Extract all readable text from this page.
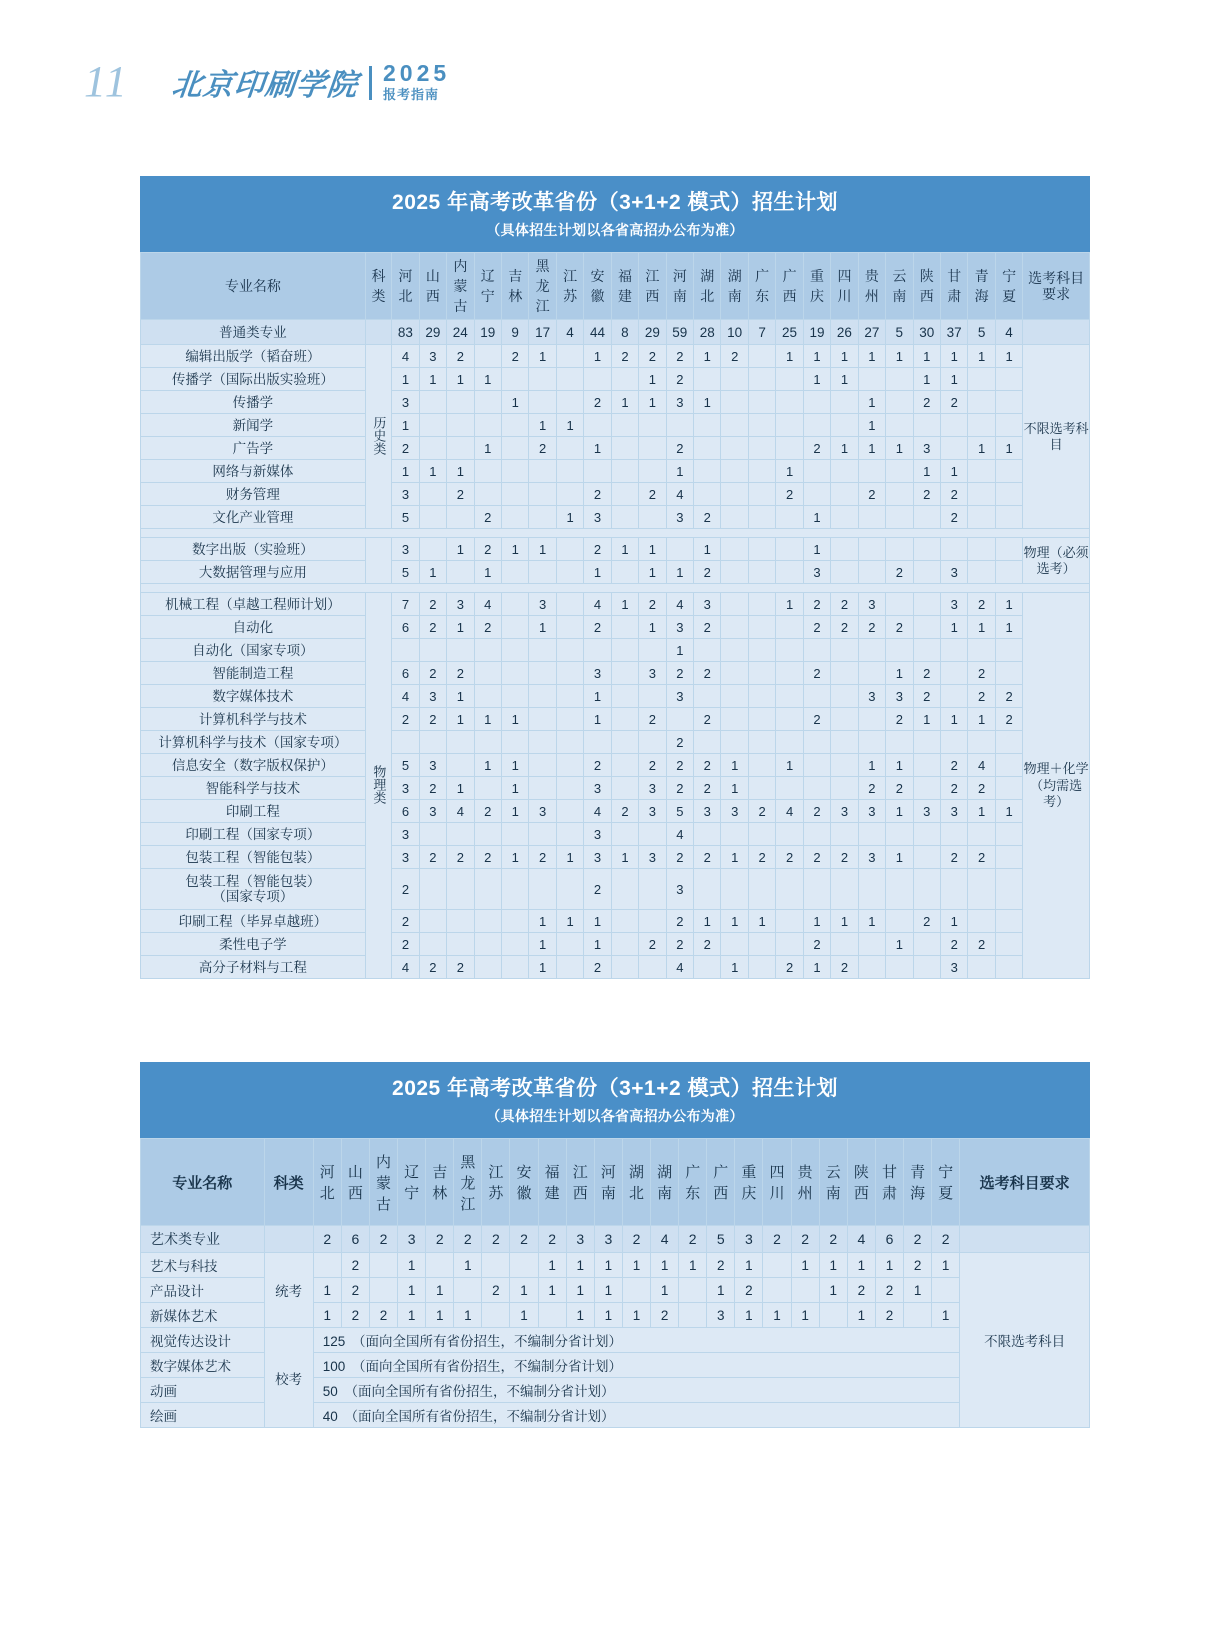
11 北京印刷学院 2025
报考指南
2025 年高考改革省份（3+1+2 模式）招生计划
（具体招生计划以各省高招办公布为准）
专业名称	科类	河北	山西	内蒙古	辽宁	吉林	黑龙江	江苏	安徽	福建	江西	河南	湖北	湖南	广东	广西	重庆	四川	贵州	云南	陕西	甘肃	青海	宁夏	选考科目要求
普通类专业		83	29	24	19	9	17	4	44	8	29	59	28	10	7	25	19	26	27	5	30	37	5	4	
编辑出版学（韬奋班）	历史类	4	3	2		2	1		1	2	2	2	1	2		1	1	1	1	1	1	1	1	1	不限选考科目
传播学（国际出版实验班）		1	1	1	1						1	2					1	1			1	1			
传播学		3				1			2	1	1	3	1						1		2	2			
新闻学		1					1	1											1						
广告学		2			1		2		1			2					2	1	1	1	3		1	1	
网络与新媒体		1	1	1								1				1					1	1			
财务管理		3		2					2		2	4				2			2		2	2			
文化产业管理		5			2			1	3			3	2				1					2			

数字出版（实验班）		3		1	2	1	1		2	1	1		1				1								物理（必须选考）
大数据管理与应用		5	1		1				1		1	1	2				3			2		3			

机械工程（卓越工程师计划）	物理类	7	2	3	4		3		4	1	2	4	3			1	2	2	3			3	2	1	物理＋化学（均需选考）
自动化		6	2	1	2		1		2		1	3	2				2	2	2	2		1	1	1	
自动化（国家专项）												1													
智能制造工程		6	2	2					3		3	2	2				2			1	2		2		
数字媒体技术		4	3	1					1			3							3	3	2		2	2	
计算机科学与技术		2	2	1	1	1			1		2		2				2			2	1	1	1	2	
计算机科学与技术（国家专项）												2													
信息安全（数字版权保护）		5	3		1	1			2		2	2	2	1		1			1	1		2	4		
智能科学与技术		3	2	1		1			3		3	2	2	1					2	2		2	2		
印刷工程		6	3	4	2	1	3		4	2	3	5	3	3	2	4	2	3	3	1	3	3	1	1	
印刷工程（国家专项）		3							3			4													
包装工程（智能包装）		3	2	2	2	1	2	1	3	1	3	2	2	1	2	2	2	2	3	1		2	2		

包装工程（智能包装）
（国家专项）		2							2			3													
印刷工程（毕昇卓越班）		2					1	1	1			2	1	1	1		1	1	1		2	1			
柔性电子学		2					1		1		2	2	2				2			1		2	2		
高分子材料与工程		4	2	2			1		2			4		1		2	1	2				3			
2025 年高考改革省份（3+1+2 模式）招生计划
（具体招生计划以各省高招办公布为准）
专业名称	科类	河北	山西	内蒙古	辽宁	吉林	黑龙江	江苏	安徽	福建	江西	河南	湖北	湖南	广东	广西	重庆	四川	贵州	云南	陕西	甘肃	青海	宁夏	选考科目要求
艺术类专业		2	6	2	3	2	2	2	2	2	3	3	2	4	2	5	3	2	2	2	4	6	2	2	
艺术与科技	统考		2		1		1			1	1	1	1	1	1	2	1		1	1	1	1	2	1	不限选考科目
产品设计		1	2		1	1		2	1	1	1	1		1		1	2			1	2	2	1		
新媒体艺术		1	2	2	1	1	1		1		1	1	1	2		3	1	1	1		1	2		1	
视觉传达设计	校考	125　（面向全国所有省份招生，不编制分省计划）																							
数字媒体艺术		100　（面向全国所有省份招生，不编制分省计划）																							
动画		50　（面向全国所有省份招生，不编制分省计划）																							
绘画		40　（面向全国所有省份招生，不编制分省计划）																							
